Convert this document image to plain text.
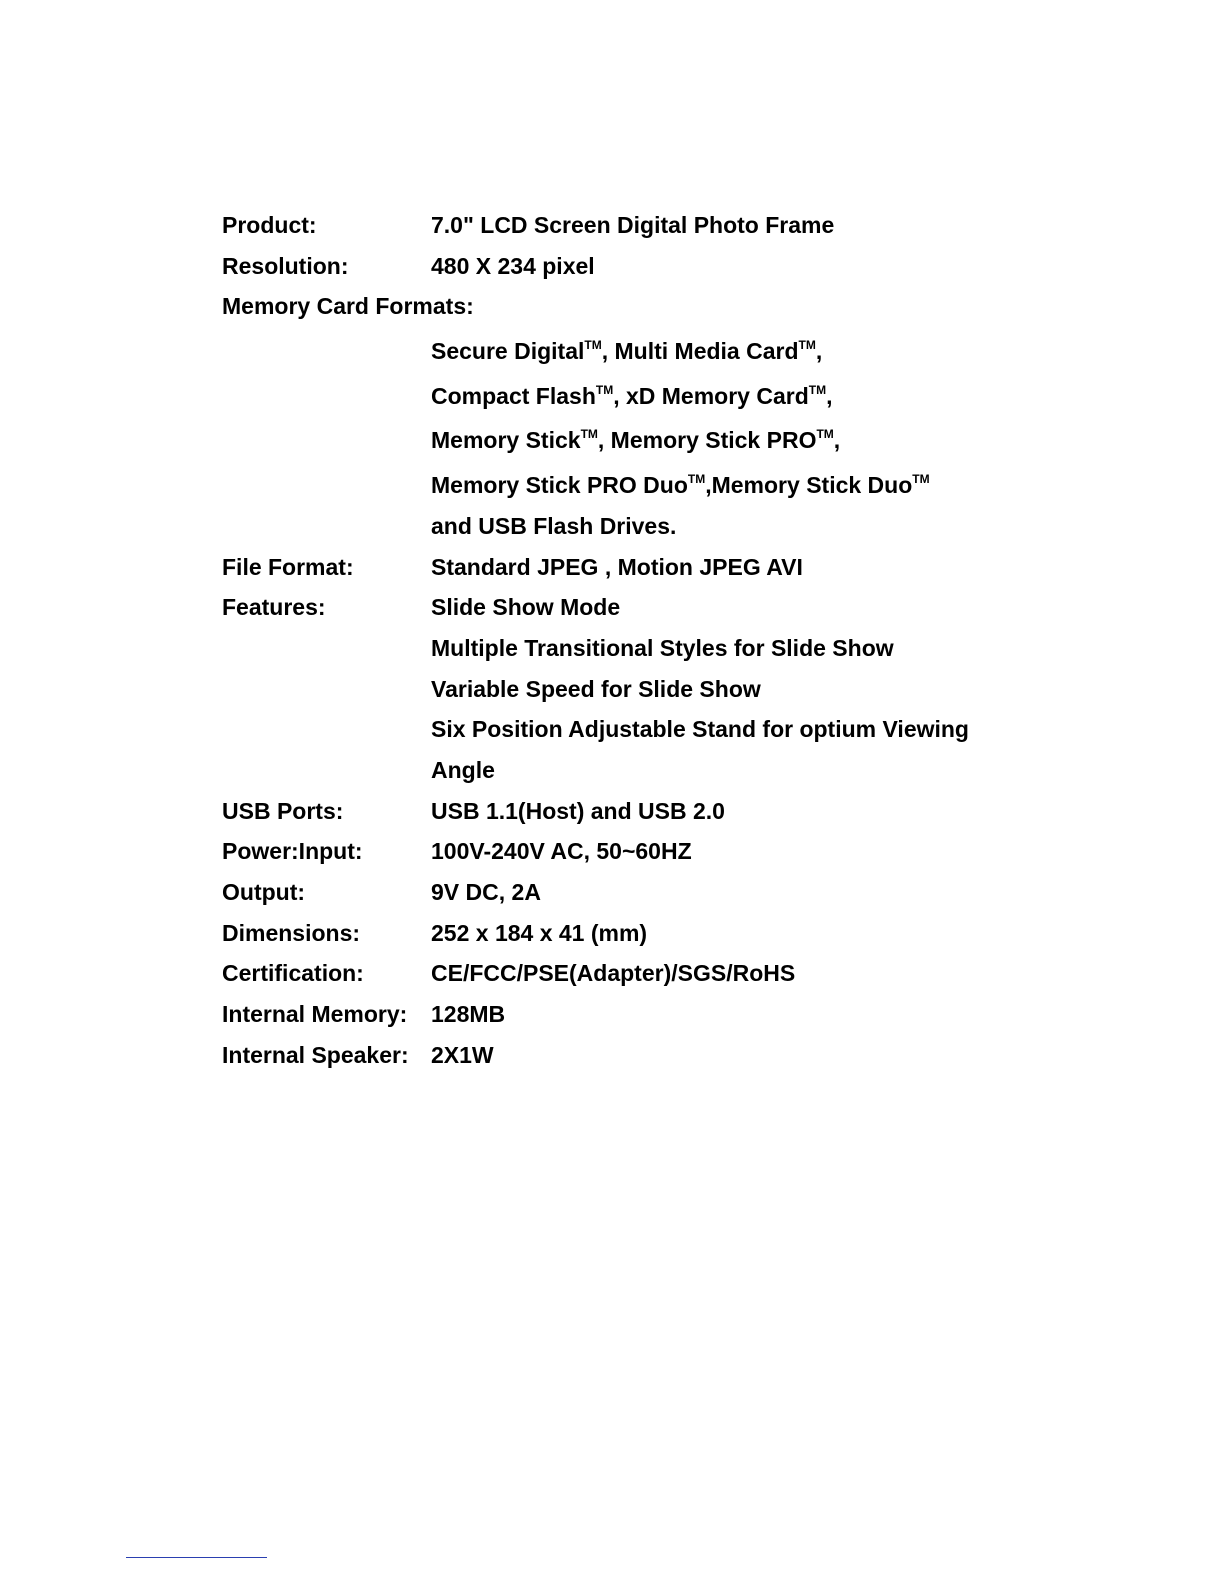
Product:	7.0" LCD Screen Digital Photo Frame
Resolution:	480 X 234 pixel
Memory Card Formats:
Secure Digital™, Multi Media Card™,
Compact Flash™, xD Memory Card™,
Memory Stick™, Memory Stick PRO™,
Memory Stick PRO Duo™,Memory Stick Duo™
and USB Flash Drives.
File Format:	Standard JPEG , Motion JPEG AVI
Features:	Slide Show Mode
Multiple Transitional Styles for Slide Show
Variable Speed for Slide Show
Six Position Adjustable Stand for optium Viewing
Angle
USB Ports:	USB 1.1(Host) and USB 2.0
Power:Input:	100V-240V AC, 50~60HZ
Output:	9V DC, 2A
Dimensions:	252 x 184 x 41 (mm)
Certification:	CE/FCC/PSE(Adapter)/SGS/RoHS
Internal Memory: 128MB
Internal Speaker: 2X1W
